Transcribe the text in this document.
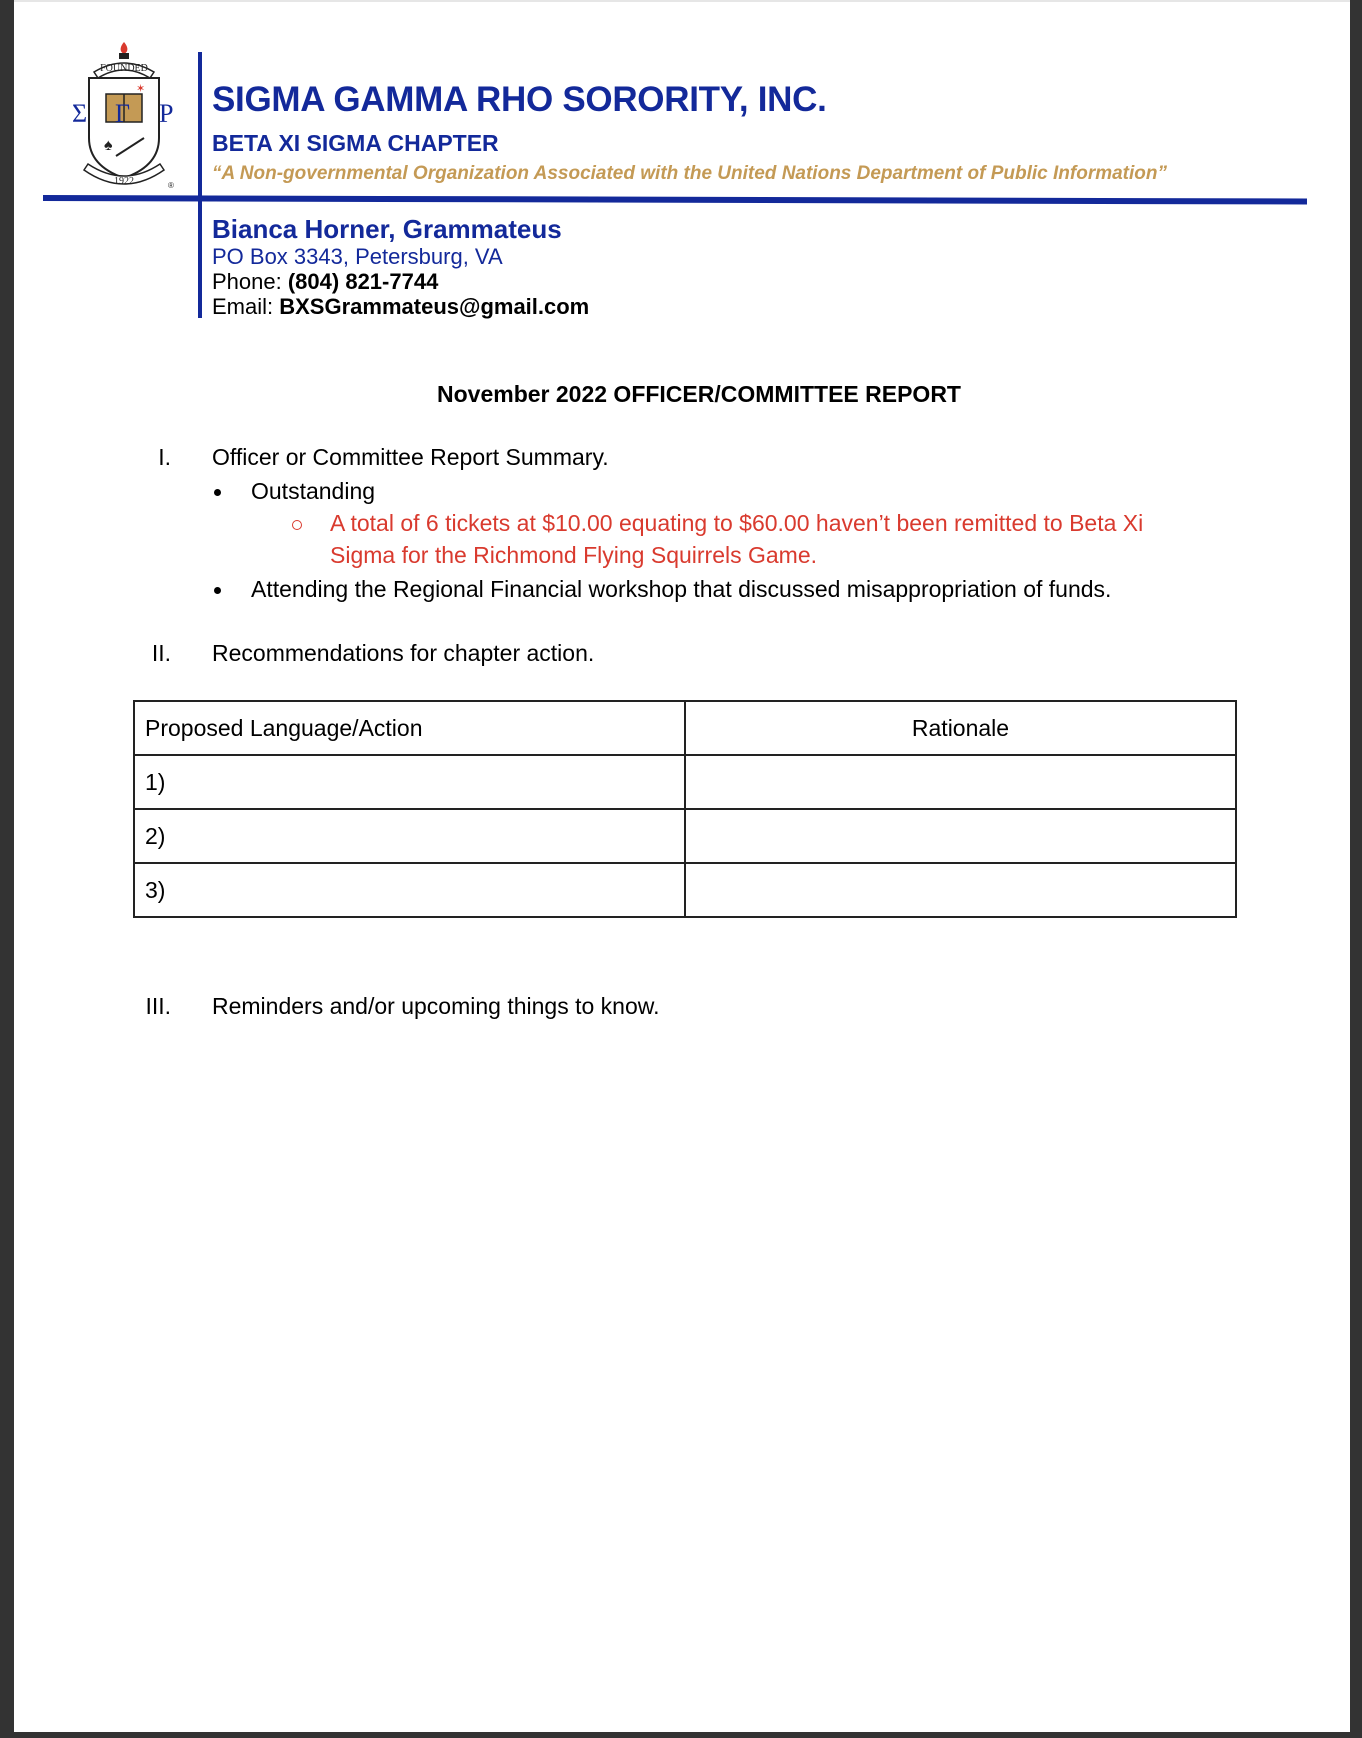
FOUNDED
✶
♠
Σ Γ Ρ
1922	®
SIGMA GAMMA RHO SORORITY, INC.
BETA XI SIGMA CHAPTER
“A Non-governmental Organization Associated with the United Nations Department of Public Information”
Bianca Horner, Grammateus
PO Box 3343, Petersburg, VA
Phone: (804) 821-7744
Email: BXSGrammateus@gmail.com
November 2022 OFFICER/COMMITTEE REPORT
I. Officer or Committee Report Summary.
Outstanding
A total of 6 tickets at $10.00 equating to $60.00 haven’t been remitted to Beta Xi
Sigma for the Richmond Flying Squirrels Game.
Attending the Regional Financial workshop that discussed misappropriation of funds.
II. Recommendations for chapter action.
Proposed Language/Action	Rationale
1)	
2)	
3)	
III. Reminders and/or upcoming things to know.
